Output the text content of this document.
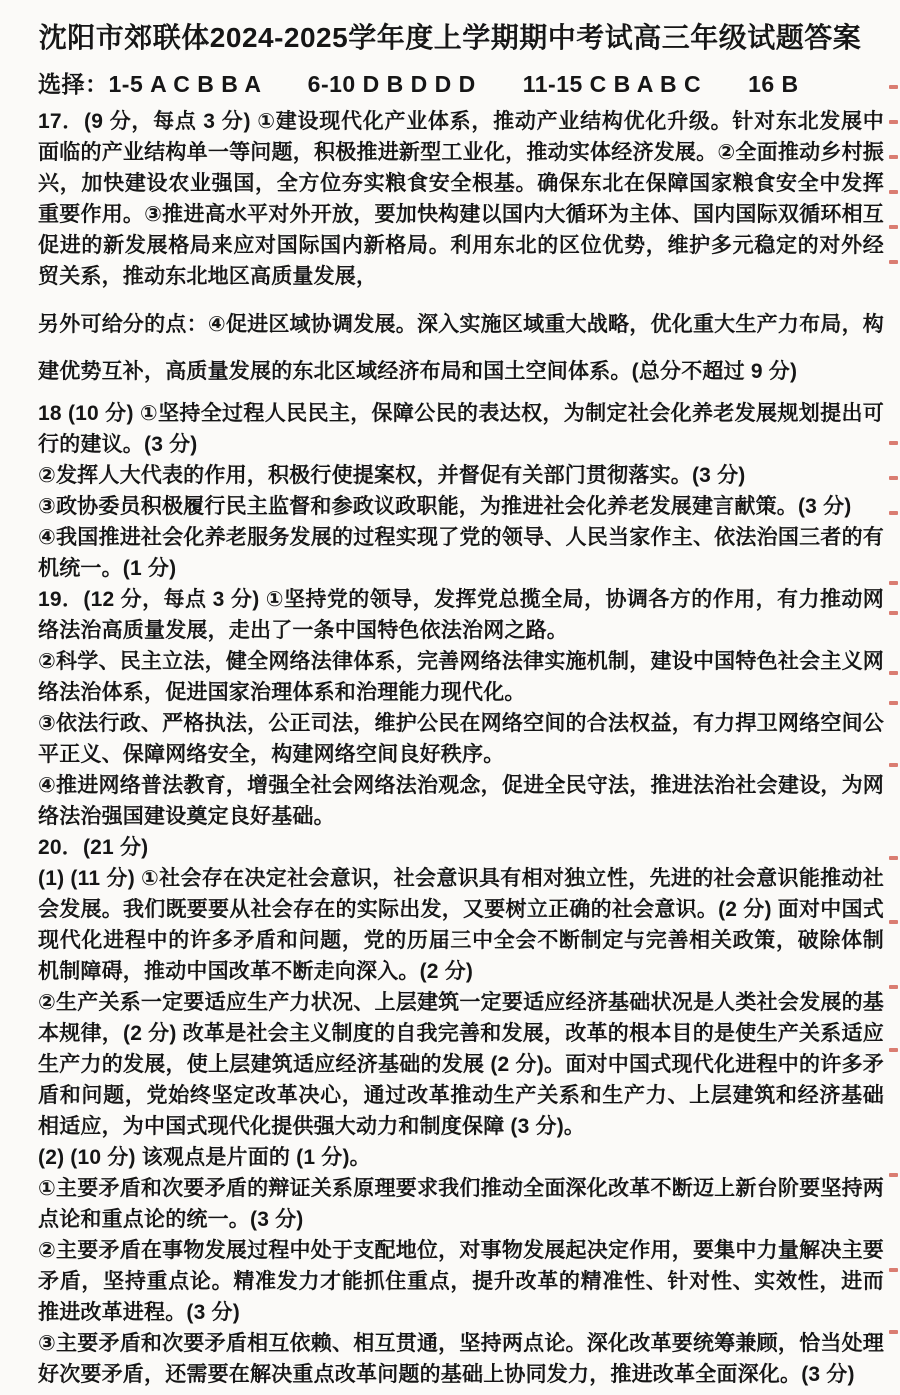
沈阳市郊联体2024-2025学年度上学期期中考试高三年级试题答案
选择：1-5 A C B B A　　6-10 D B D D D　　11-15 C B A B C　　16 B
17．(9 分，每点 3 分) ①建设现代化产业体系，推动产业结构优化升级。针对东北发展中面临的产业结构单一等问题，积极推进新型工业化，推动实体经济发展。②全面推动乡村振兴，加快建设农业强国，全方位夯实粮食安全根基。确保东北在保障国家粮食安全中发挥重要作用。③推进高水平对外开放，要加快构建以国内大循环为主体、国内国际双循环相互促进的新发展格局来应对国际国内新格局。利用东北的区位优势，维护多元稳定的对外经贸关系，推动东北地区高质量发展，
另外可给分的点：④促进区域协调发展。深入实施区域重大战略，优化重大生产力布局，构建优势互补，高质量发展的东北区域经济布局和国土空间体系。(总分不超过 9 分)
18 (10 分) ①坚持全过程人民民主，保障公民的表达权，为制定社会化养老发展规划提出可行的建议。(3 分)
②发挥人大代表的作用，积极行使提案权，并督促有关部门贯彻落实。(3 分)
③政协委员积极履行民主监督和参政议政职能，为推进社会化养老发展建言献策。(3 分)
④我国推进社会化养老服务发展的过程实现了党的领导、人民当家作主、依法治国三者的有机统一。(1 分)
19．(12 分，每点 3 分) ①坚持党的领导，发挥党总揽全局，协调各方的作用，有力推动网络法治高质量发展，走出了一条中国特色依法治网之路。
②科学、民主立法，健全网络法律体系，完善网络法律实施机制，建设中国特色社会主义网络法治体系，促进国家治理体系和治理能力现代化。
③依法行政、严格执法，公正司法，维护公民在网络空间的合法权益，有力捍卫网络空间公平正义、保障网络安全，构建网络空间良好秩序。
④推进网络普法教育，增强全社会网络法治观念，促进全民守法，推进法治社会建设，为网络法治强国建设奠定良好基础。
20．(21 分)
(1) (11 分) ①社会存在决定社会意识，社会意识具有相对独立性，先进的社会意识能推动社会发展。我们既要要从社会存在的实际出发，又要树立正确的社会意识。(2 分) 面对中国式现代化进程中的许多矛盾和问题，党的历届三中全会不断制定与完善相关政策，破除体制机制障碍，推动中国改革不断走向深入。(2 分)
②生产关系一定要适应生产力状况、上层建筑一定要适应经济基础状况是人类社会发展的基本规律，(2 分) 改革是社会主义制度的自我完善和发展，改革的根本目的是使生产关系适应生产力的发展，使上层建筑适应经济基础的发展 (2 分)。面对中国式现代化进程中的许多矛盾和问题，党始终坚定改革决心，通过改革推动生产关系和生产力、上层建筑和经济基础相适应，为中国式现代化提供强大动力和制度保障 (3 分)。
(2) (10 分) 该观点是片面的 (1 分)。
①主要矛盾和次要矛盾的辩证关系原理要求我们推动全面深化改革不断迈上新台阶要坚持两点论和重点论的统一。(3 分)
②主要矛盾在事物发展过程中处于支配地位，对事物发展起决定作用，要集中力量解决主要矛盾，坚持重点论。精准发力才能抓住重点，提升改革的精准性、针对性、实效性，进而推进改革进程。(3 分)
③主要矛盾和次要矛盾相互依赖、相互贯通，坚持两点论。深化改革要统筹兼顾，恰当处理好次要矛盾，还需要在解决重点改革问题的基础上协同发力，推进改革全面深化。(3 分)
